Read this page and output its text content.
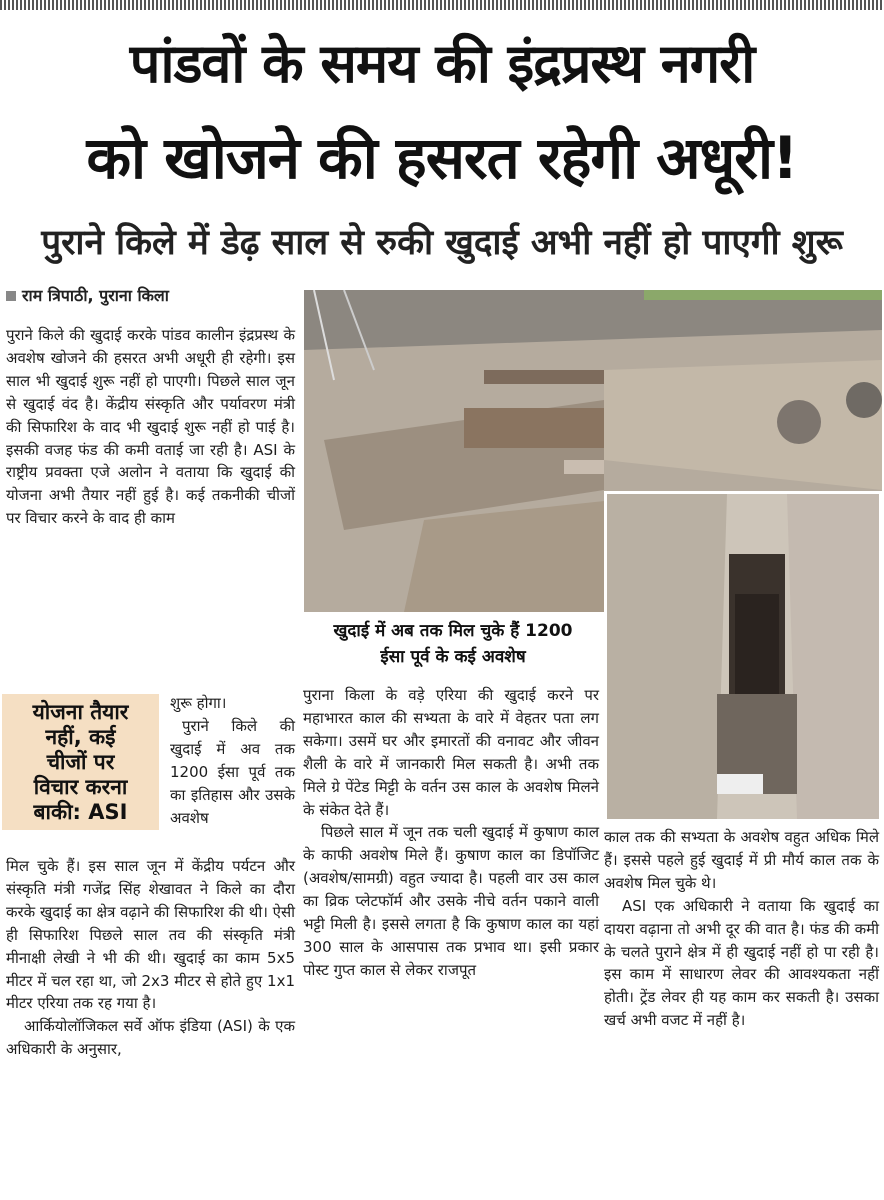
पांडवों के समय की इंद्रप्रस्थ नगरी
को खोजने की हसरत रहेगी अधूरी!
पुराने किले में डेढ़ साल से रुकी खुदाई अभी नहीं हो पाएगी शुरू
राम त्रिपाठी, पुराना किला
खुदाई में अब तक मिल चुके हैं 1200
ईसा पूर्व के कई अवशेष

पुराने किले की खुदाई करके पांडव कालीन इंद्रप्रस्थ के अवशेष खोजने की हसरत अभी अधूरी ही रहेगी। इस साल भी खुदाई शुरू नहीं हो पाएगी। पिछले साल जून से खुदाई वंद है। केंद्रीय संस्कृति और पर्यावरण मंत्री की सिफारिश के वाद भी खुदाई शुरू नहीं हो पाई है। इसकी वजह फंड की कमी वताई जा रही है। ASI के राष्ट्रीय प्रवक्ता एजे अलोन ने वताया कि खुदाई की योजना अभी तैयार नहीं हुई है। कई तकनीकी चीजों पर विचार करने के वाद ही काम

योजना तैयार
नहीं, कई
चीजों पर
विचार करना
बाकी: ASI
शुरू होगा।
पुराने किले की खुदाई में अव तक 1200 ईसा पूर्व तक का इतिहास और उसके अवशेष

मिल चुके हैं। इस साल जून में केंद्रीय पर्यटन और संस्कृति मंत्री गजेंद्र सिंह शेखावत ने किले का दौरा करके खुदाई का क्षेत्र वढ़ाने की सिफारिश की थी। ऐसी ही सिफारिश पिछले साल तव की संस्कृति मंत्री मीनाक्षी लेखी ने भी की थी। खुदाई का काम 5x5 मीटर में चल रहा था, जो 2x3 मीटर से होते हुए 1x1 मीटर एरिया तक रह गया है।

आर्कियोलॉजिकल सर्वे ऑफ इंडिया (ASI) के एक अधिकारी के अनुसार,

पुराना किला के वड़े एरिया की खुदाई करने पर महाभारत काल की सभ्यता के वारे में वेहतर पता लग सकेगा। उसमें घर और इमारतों की वनावट और जीवन शैली के वारे में जानकारी मिल सकती है। अभी तक मिले ग्रे पेंटेड मिट्टी के वर्तन उस काल के अवशेष मिलने के संकेत देते हैं।

पिछले साल में जून तक चली खुदाई में कुषाण काल के काफी अवशेष मिले हैं। कुषाण काल का डिपॉजिट (अवशेष/सामग्री) वहुत ज्यादा है। पहली वार उस काल का व्रिक प्लेटफॉर्म और उसके नीचे वर्तन पकाने वाली भट्टी मिली है। इससे लगता है कि कुषाण काल का यहां 300 साल के आसपास तक प्रभाव था। इसी प्रकार पोस्ट गुप्त काल से लेकर राजपूत

काल तक की सभ्यता के अवशेष वहुत अधिक मिले हैं। इससे पहले हुई खुदाई में प्री मौर्य काल तक के अवशेष मिल चुके थे।

ASI एक अधिकारी ने वताया कि खुदाई का दायरा वढ़ाना तो अभी दूर की वात है। फंड की कमी के चलते पुराने क्षेत्र में ही खुदाई नहीं हो पा रही है। इस काम में साधारण लेवर की आवश्यकता नहीं होती। ट्रेंड लेवर ही यह काम कर सकती है। उसका खर्च अभी वजट में नहीं है।
